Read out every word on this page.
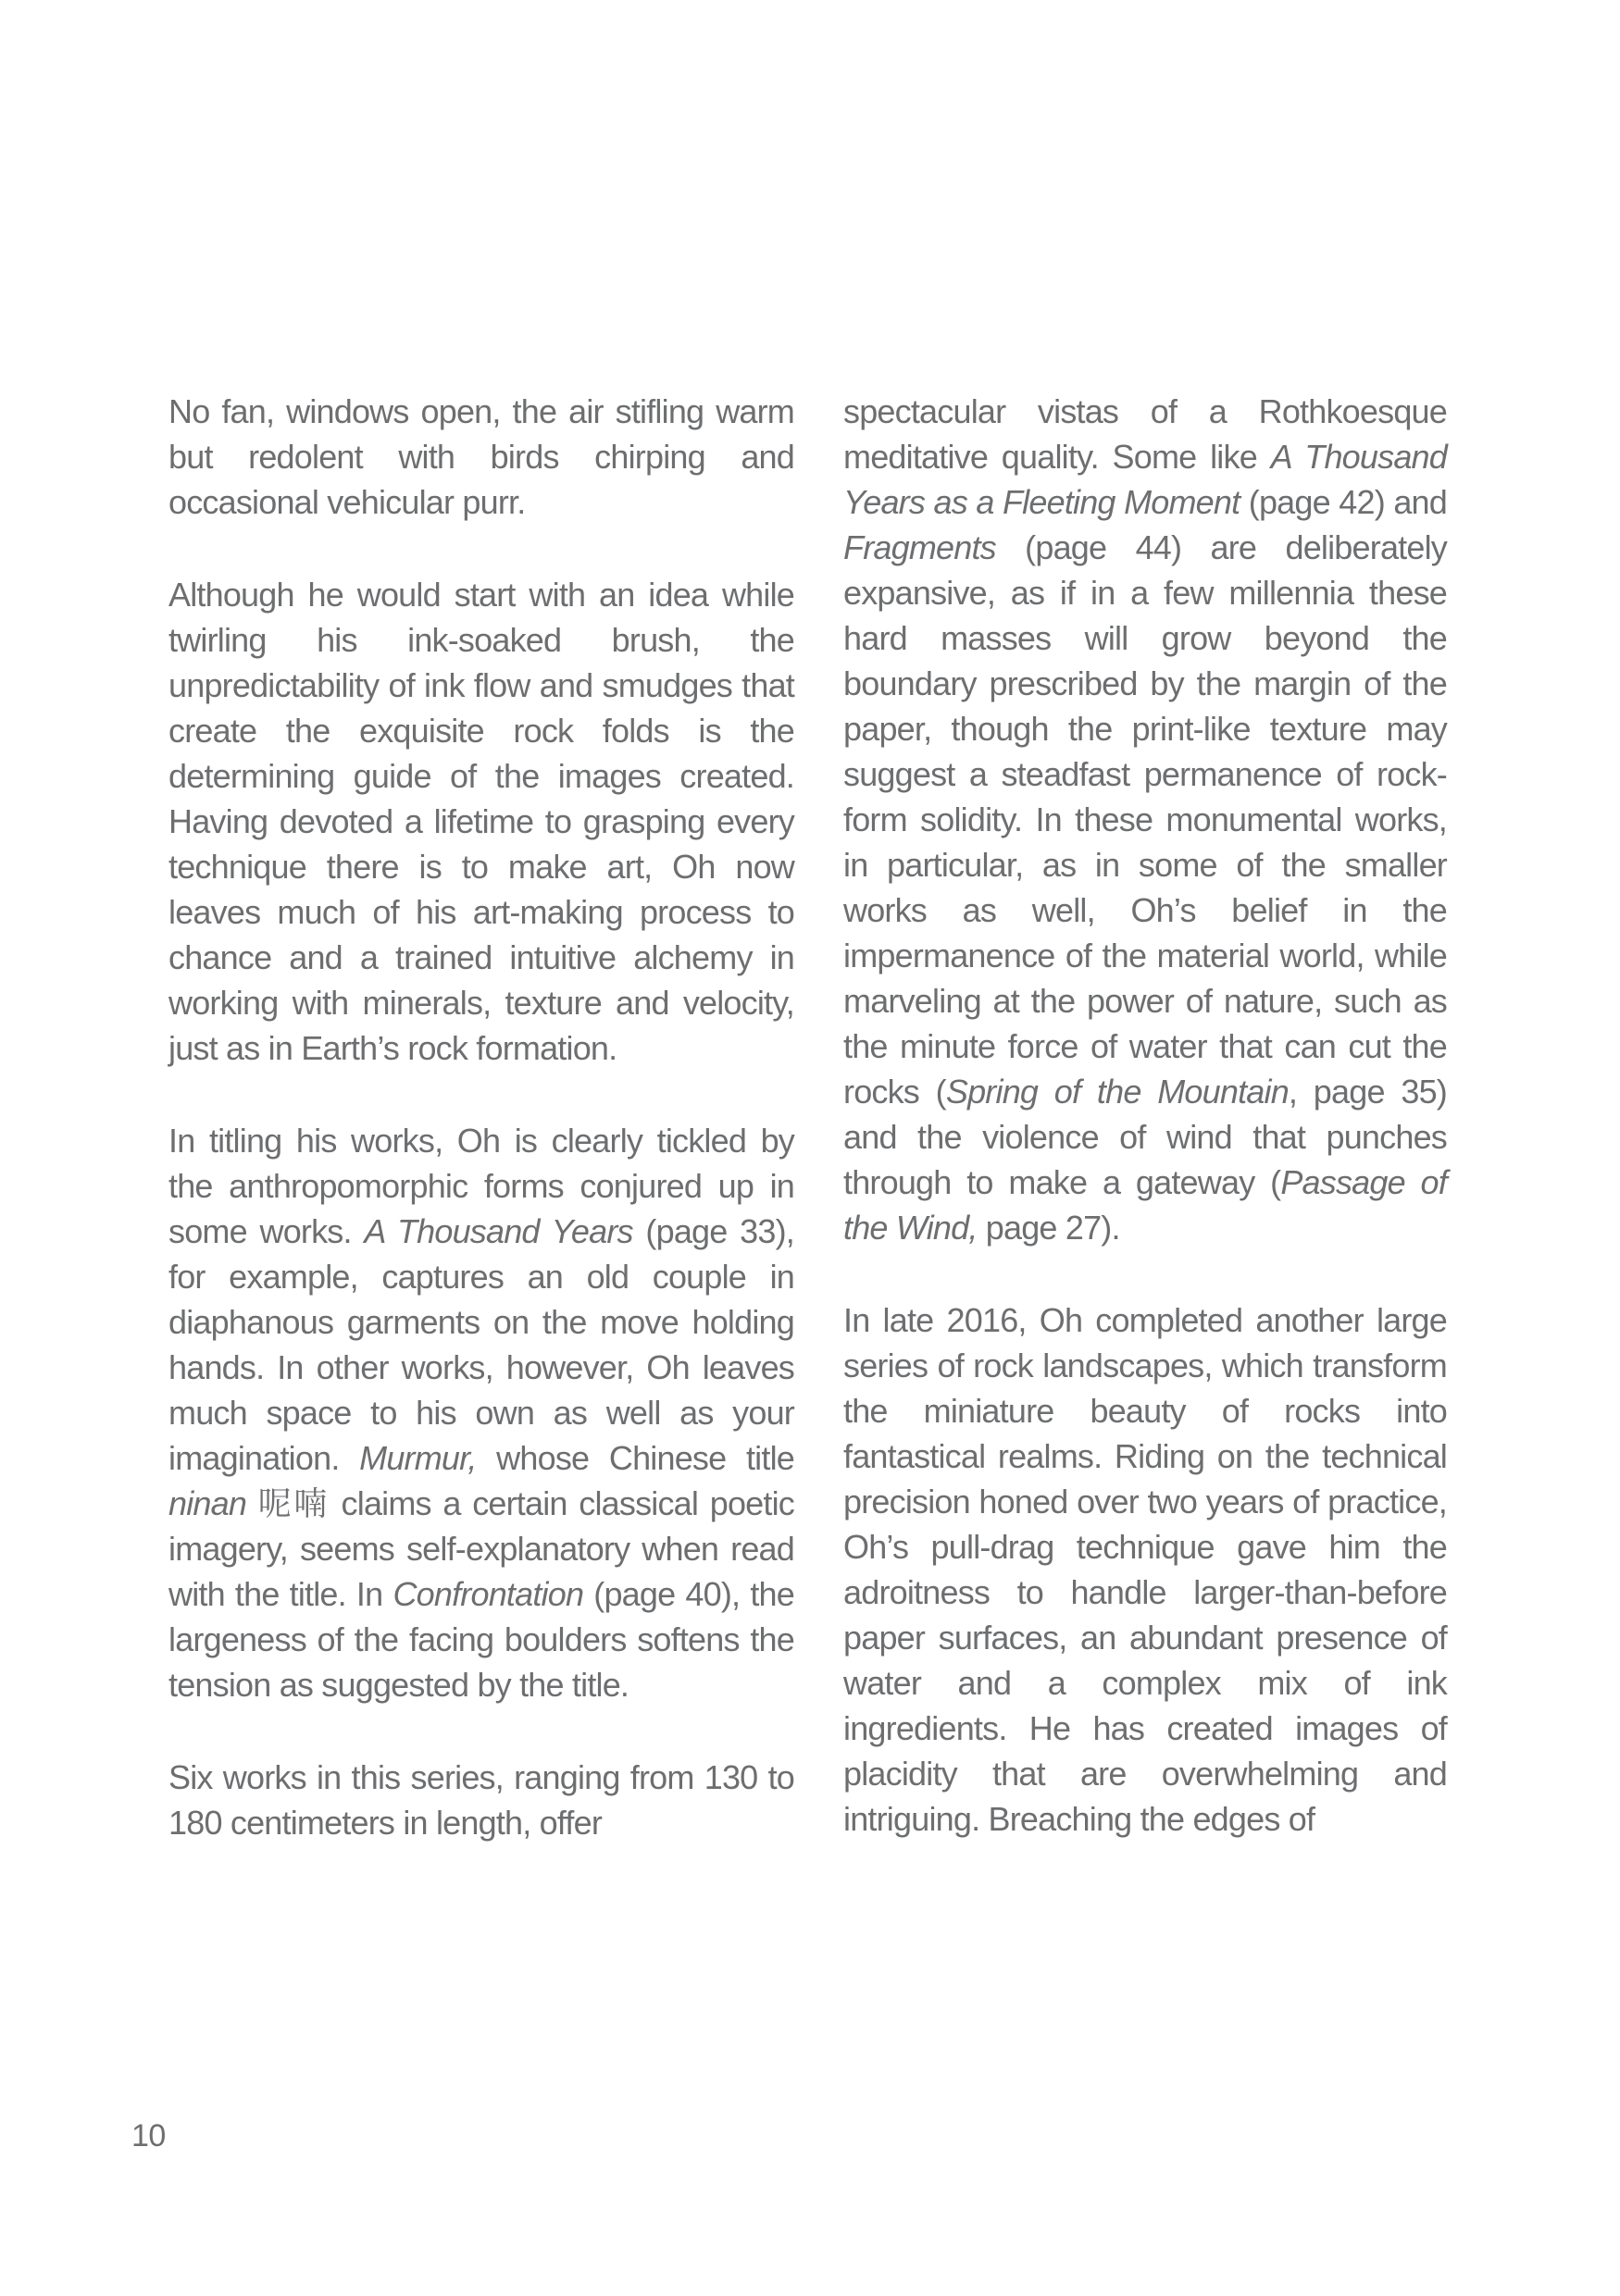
No fan, windows open, the air stifling warm but redolent with birds chirping and occasional vehicular purr.

Although he would start with an idea while twirling his ink-soaked brush, the unpredictability of ink flow and smudges that create the exquisite rock folds is the determining guide of the images created. Having devoted a lifetime to grasping every technique there is to make art, Oh now leaves much of his art-making process to chance and a trained intuitive alchemy in working with minerals, texture and velocity, just as in Earth’s rock formation.

In titling his works, Oh is clearly tickled by the anthropomorphic forms conjured up in some works. A Thousand Years (page 33), for example, captures an old couple in diaphanous garments on the move holding hands. In other works, however, Oh leaves much space to his own as well as your imagination. Murmur, whose Chinese title ninan 呢喃 claims a certain classical poetic imagery, seems self-explanatory when read with the title. In Confrontation (page 40), the largeness of the facing boulders softens the tension as suggested by the title.

Six works in this series, ranging from 130 to 180 centimeters in length, offer

spectacular vistas of a Rothkoesque meditative quality. Some like A Thousand Years as a Fleeting Moment (page 42) and Fragments (page 44) are deliberately expansive, as if in a few millennia these hard masses will grow beyond the boundary prescribed by the margin of the paper, though the print-like texture may suggest a steadfast permanence of rock-form solidity. In these monumental works, in particular, as in some of the smaller works as well, Oh’s belief in the impermanence of the material world, while marveling at the power of nature, such as the minute force of water that can cut the rocks (Spring of the Mountain, page 35) and the violence of wind that punches through to make a gateway (Passage of the Wind, page 27).

In late 2016, Oh completed another large series of rock landscapes, which transform the miniature beauty of rocks into fantastical realms. Riding on the technical precision honed over two years of practice, Oh’s pull-drag technique gave him the adroitness to handle larger-than-before paper surfaces, an abundant presence of water and a complex mix of ink ingredients. He has created images of placidity that are overwhelming and intriguing. Breaching the edges of

10
